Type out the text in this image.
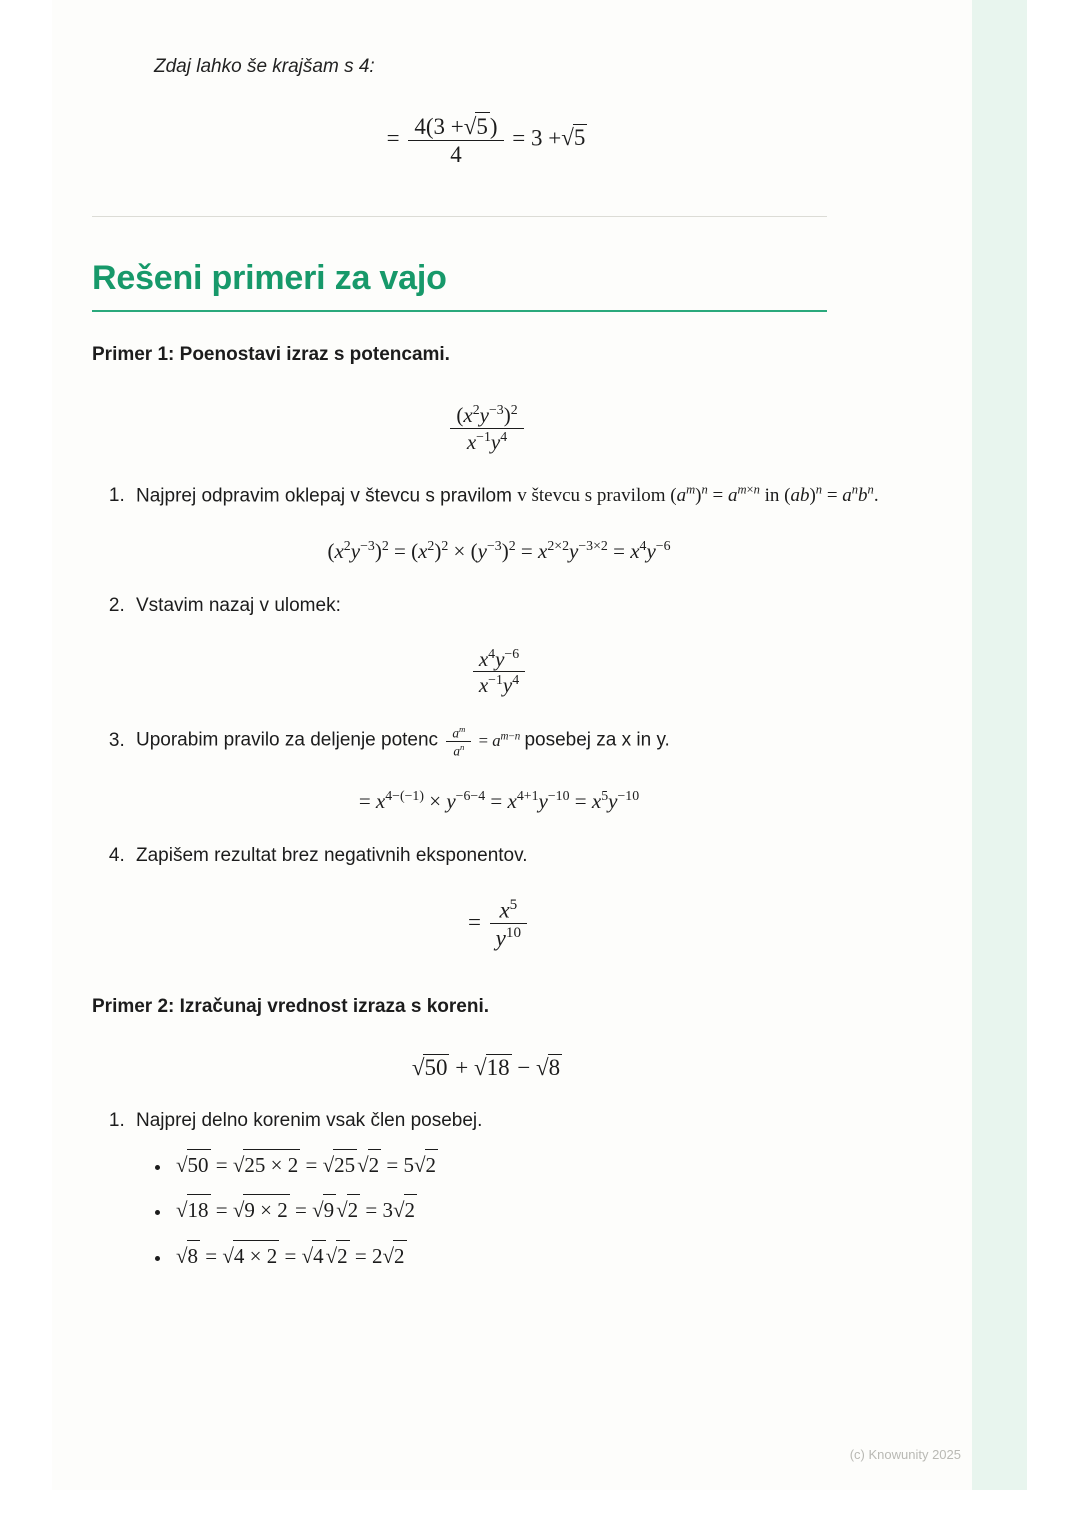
Zdaj lahko še krajšam s 4:
= $\frac{4(3 +√5)}{4} = 3 +√5$
Rešeni primeri za vajo
Primer 1: Poenostavi izraz s potencami.
$\frac{(x^2y^{-3})^2}{x^{-1}y^4}$
1. Najprej odpravim oklepaj v števcu s pravilom v števcu s pravilom $(a^m)^n = a^{m\times n}$ in $(ab)^n = a^nb^n$.
$(x^2y^{-3})^2 = (x^2)^2 \times (y^{-3})^2 = x^{2\times 2}y^{-3\times 2} = x^4y^{-6}$
2. Vstavim nazaj v ulomek:
$\frac{x^4y^{-6}}{x^{-1}y^4}$
3. Uporabim pravilo za deljenje potenc $\frac{a^m}{a^n} = a^{m-n}$ posebej za x in y.
= $x^{4-(-1)} \times y^{-6-4} = x^{4+1}y^{-10} = x^5y^{-10}$
4. Zapišem rezultat brez negativnih eksponentov.
= $\frac{x^5}{y^{10}}$
Primer 2: Izračunaj vrednost izraza s koreni.
√50 + √18 − √8
1. Najprej delno korenim vsak člen posebej.
• √50 = √25 × 2 = √25√2 = 5√2
• √18 = √9 × 2 = √9√2 = 3√2
• √8 = √4 × 2 = √4√2 = 2√2
(c) Knowunity 2025
